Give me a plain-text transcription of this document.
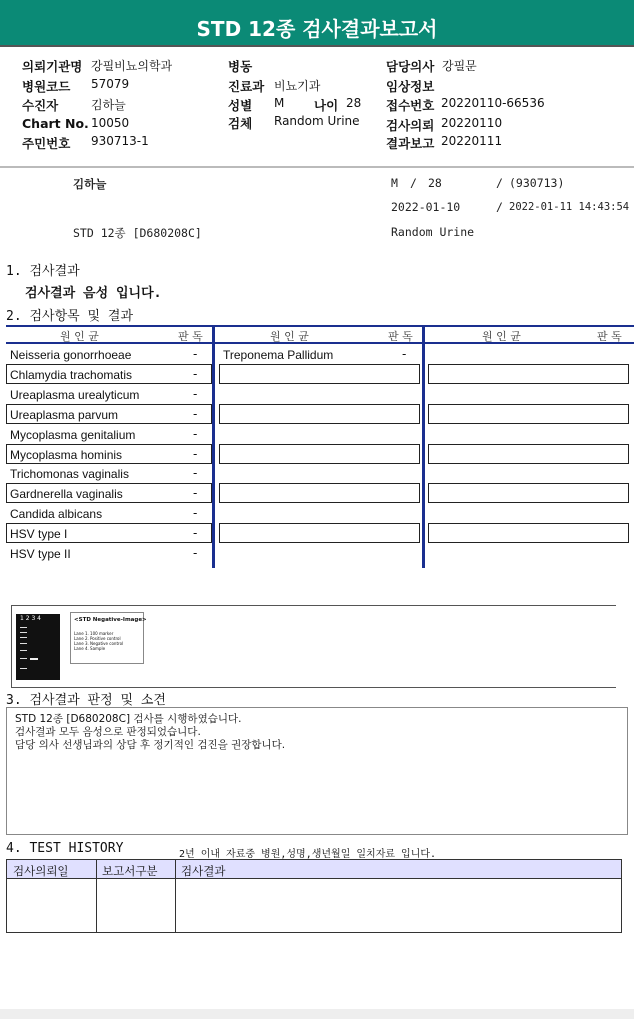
STD 12종 검사결과보고서
의뢰기관명 강필비뇨의학과	병동	담당의사 강필문
병원코드 57079	진료과 비뇨기과	임상정보
수진자	김하늘	성별 M 나이 28 접수번호 20220110-66536
Chart No. 10050	검체 Random Urine 검사의뢰 20220110
주민번호 930713-1	결과보고 20220111
김하늘	M / 28	/ (930713)
2022-01-10	/ 2022-01-11 14:43:54
STD 12종 [D680208C]	Random Urine
1. 검사결과
검사결과 음성 입니다.
2. 검사항목 및 결과
원 인 균	판 독	원 인 균	판 독	원 인 균	판 독
Neisseria gonorrhoeae	-
Chlamydia trachomatis	-
Ureaplasma urealyticum	-
Ureaplasma parvum	-
Mycoplasma genitalium	-
Mycoplasma hominis	-
Trichomonas vaginalis	-
Gardnerella vaginalis	-
Candida albicans	-
HSV type I	-
HSV type II	-
Treponema Pallidum	-
1 2 3 4	<STD Negative-Image>
Lane 1. 100 marker
Lane 2. Positive control
Lane 3. Negative control
Lane 4. Sample
3. 검사결과 판정 및 소견
STD 12종 [D680208C] 검사를 시행하였습니다.
검사결과 모두 음성으로 판정되었습니다.
담당 의사 선생님과의 상담 후 정기적인 검진을 권장합니다.
4. TEST HISTORY	2년 이내 자료중 병원,성명,생년월일 일치자료 입니다.
검사의뢰일	보고서구분 검사결과
